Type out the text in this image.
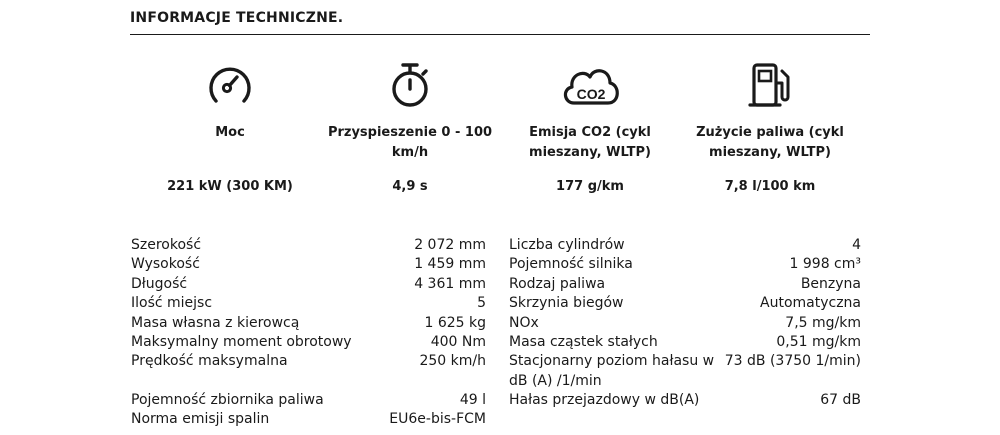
INFORMACJE TECHNICZNE.
Moc
221 kW (300 KM)
Przyspieszenie 0 - 100 km/h
4,9 s
CO2
Emisja CO2 (cykl mieszany, WLTP)
177 g/km
Zużycie paliwa (cykl mieszany, WLTP)
7,8 l/100 km
Szerokość	2 072 mm
Wysokość	1 459 mm
Długość	4 361 mm
Ilość miejsc	5
Masa własna z kierowcą	1 625 kg
Maksymalny moment obrotowy	400 Nm
Prędkość maksymalna	250 km/h
Pojemność zbiornika paliwa	49 l
Norma emisji spalin	EU6e-bis-FCM
Liczba cylindrów	4
Pojemność silnika	1 998 cm³
Rodzaj paliwa	Benzyna
Skrzynia biegów	Automatyczna
NOx	7,5 mg/km
Masa cząstek stałych	0,51 mg/km
Stacjonarny poziom hałasu w dB (A) /1/min
73 dB (3750 1/min)
Hałas przejazdowy w dB(A)	67 dB
